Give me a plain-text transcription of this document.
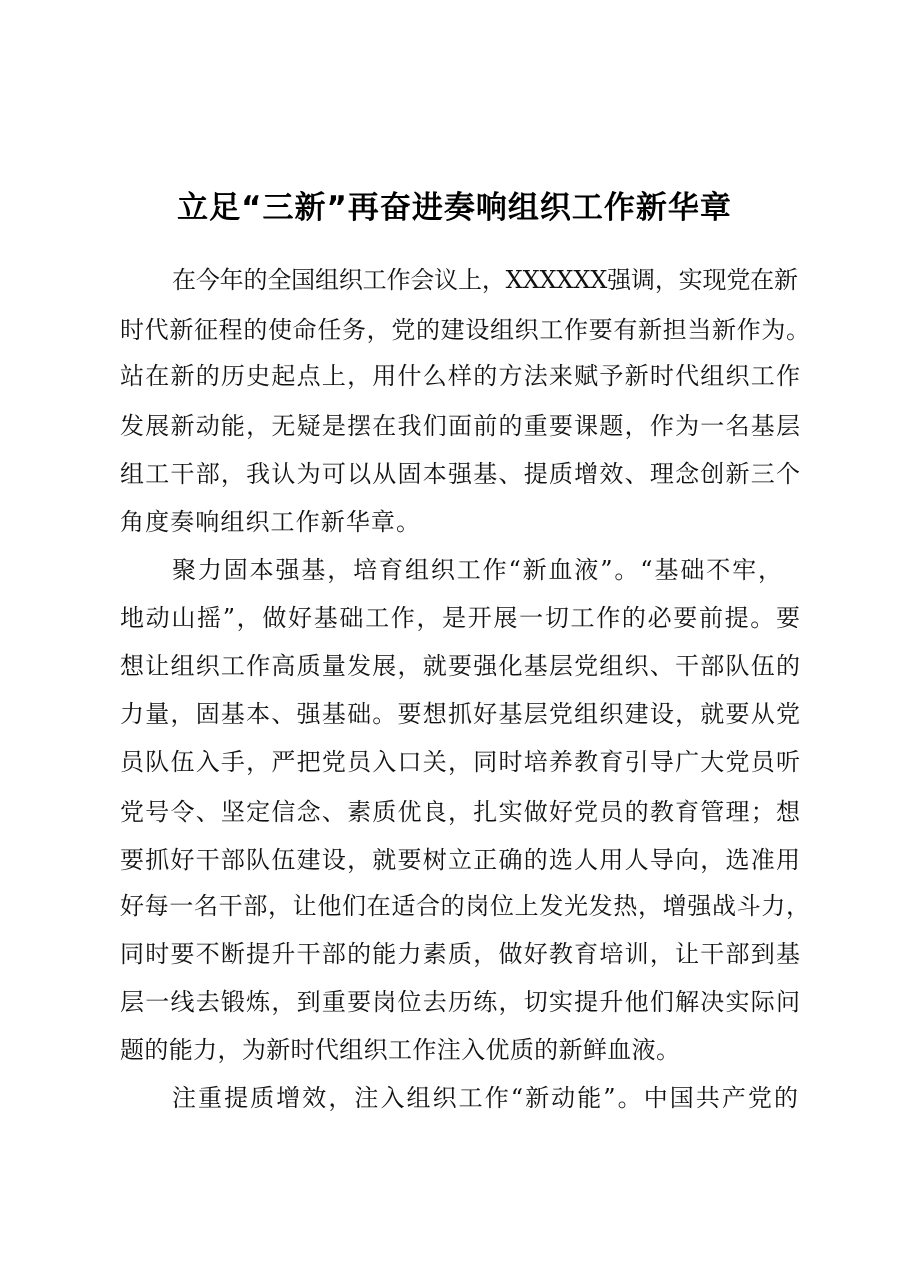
立足“三新”再奋进奏响组织工作新华章
在今年的全国组织工作会议上，XXXXXX强调，实现党在新
时代新征程的使命任务，党的建设组织工作要有新担当新作为。
站在新的历史起点上，用什么样的方法来赋予新时代组织工作
发展新动能，无疑是摆在我们面前的重要课题，作为一名基层
组工干部，我认为可以从固本强基、提质增效、理念创新三个
角度奏响组织工作新华章。
聚力固本强基，培育组织工作“新血液”。“基础不牢，
地动山摇”，做好基础工作，是开展一切工作的必要前提。要
想让组织工作高质量发展，就要强化基层党组织、干部队伍的
力量，固基本、强基础。要想抓好基层党组织建设，就要从党
员队伍入手，严把党员入口关，同时培养教育引导广大党员听
党号令、坚定信念、素质优良，扎实做好党员的教育管理；想
要抓好干部队伍建设，就要树立正确的选人用人导向，选准用
好每一名干部，让他们在适合的岗位上发光发热，增强战斗力，
同时要不断提升干部的能力素质，做好教育培训，让干部到基
层一线去锻炼，到重要岗位去历练，切实提升他们解决实际问
题的能力，为新时代组织工作注入优质的新鲜血液。
注重提质增效，注入组织工作“新动能”。中国共产党的
